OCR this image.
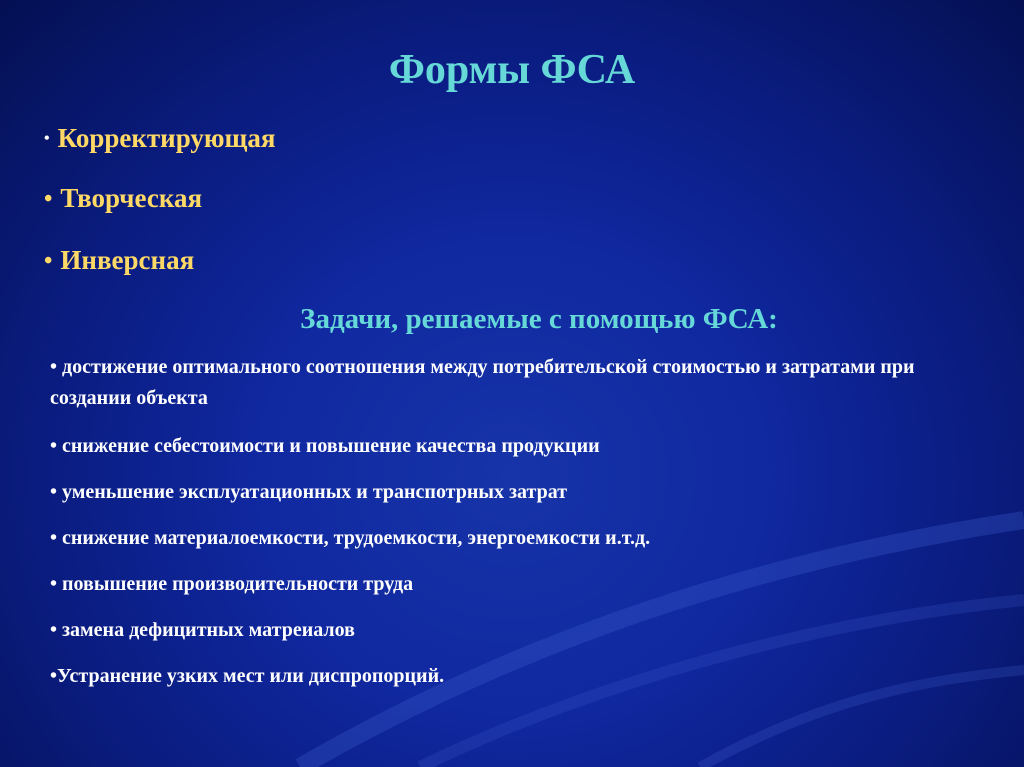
Формы ФСА
• Корректирующая
• Творческая
• Инверсная
Задачи, решаемые с помощью ФСА:
• достижение оптимального соотношения между потребительской стоимостью и затратами при создании объекта
• снижение себестоимости и повышение качества продукции
• уменьшение эксплуатационных и транспотрных затрат
• снижение материалоемкости, трудоемкости, энергоемкости и.т.д.
• повышение производительности труда
• замена дефицитных матреиалов
•Устранение узких мест или диспропорций.
